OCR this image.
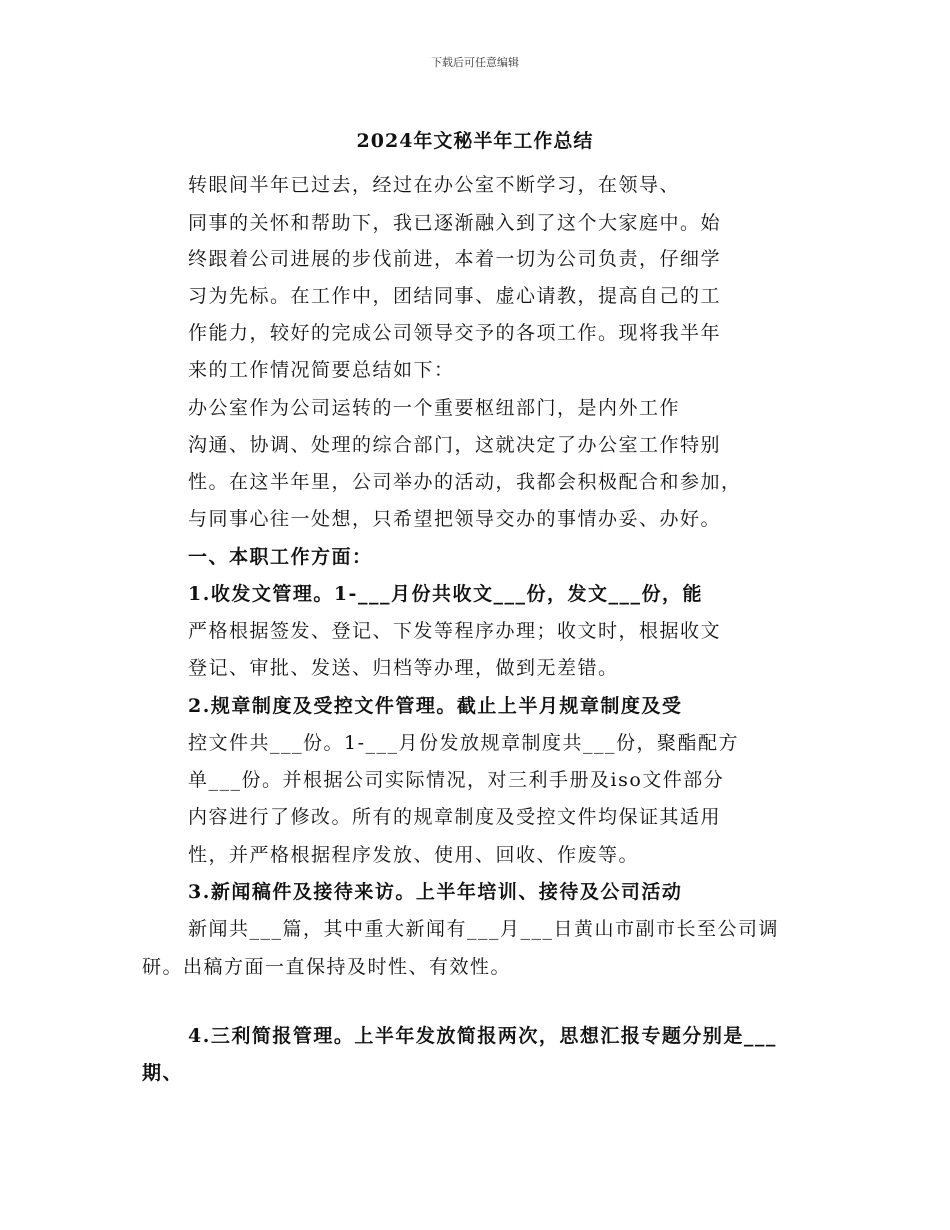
下载后可任意编辑
2024年文秘半年工作总结
转眼间半年已过去，经过在办公室不断学习，在领导、
同事的关怀和帮助下，我已逐渐融入到了这个大家庭中。始
终跟着公司进展的步伐前进，本着一切为公司负责，仔细学
习为先标。在工作中，团结同事、虚心请教，提高自己的工
作能力，较好的完成公司领导交予的各项工作。现将我半年
来的工作情况简要总结如下：
办公室作为公司运转的一个重要枢纽部门，是内外工作
沟通、协调、处理的综合部门，这就决定了办公室工作特别
性。在这半年里，公司举办的活动，我都会积极配合和参加，
与同事心往一处想，只希望把领导交办的事情办妥、办好。
一、本职工作方面：
1.收发文管理。1-___月份共收文___份，发文___份，能
严格根据签发、登记、下发等程序办理；收文时，根据收文
登记、审批、发送、归档等办理，做到无差错。
2.规章制度及受控文件管理。截止上半月规章制度及受
控文件共___份。1-___月份发放规章制度共___份，聚酯配方
单___份。并根据公司实际情况，对三利手册及iso文件部分
内容进行了修改。所有的规章制度及受控文件均保证其适用
性，并严格根据程序发放、使用、回收、作废等。
3.新闻稿件及接待来访。上半年培训、接待及公司活动
新闻共___篇，其中重大新闻有___月___日黄山市副市长至公司调
研。出稿方面一直保持及时性、有效性。
4.三利简报管理。上半年发放简报两次，思想汇报专题分别是___
期、
